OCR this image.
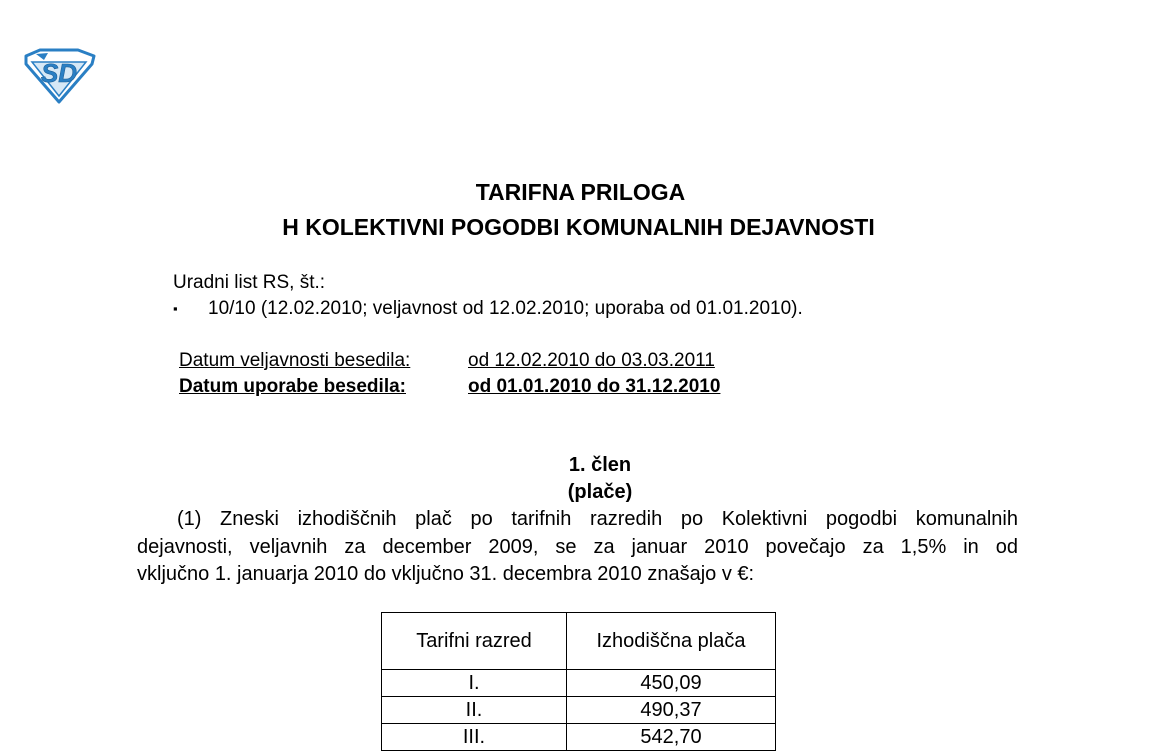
SD
TARIFNA PRILOGA
H KOLEKTIVNI POGODBI KOMUNALNIH DEJAVNOSTI
Uradni list RS, št.:
▪ 10/10 (12.02.2010; veljavnost od 12.02.2010; uporaba od 01.01.2010).
Datum veljavnosti besedila:	od 12.02.2010 do 03.03.2011
Datum uporabe besedila:	od 01.01.2010 do 31.12.2010
1. člen
(plače)

(1) Zneski izhodiščnih plač po tarifnih razredih po Kolektivni pogodbi komunalnih
dejavnosti, veljavnih za december 2009, se za januar 2010 povečajo za 1,5% in od
vključno 1. januarja 2010 do vključno 31. decembra 2010 znašajo v €:

Tarifni razred	Izhodiščna plača
I.	450,09
II.	490,37
III.	542,70
